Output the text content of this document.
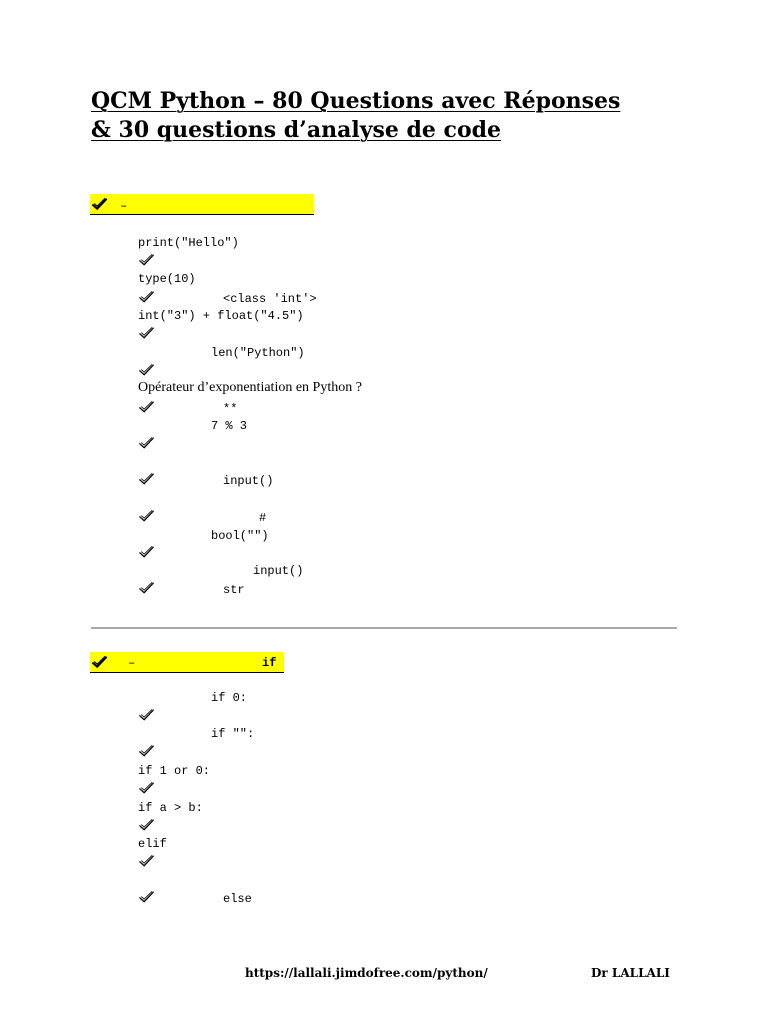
QCM Python – 80 Questions avec Réponses
& 30 questions d’analyse de code
–
print("Hello")
type(10)
<class 'int'>
int("3") + float("4.5")
len("Python")
Opérateur d’exponentiation en Python ?
**
7 % 3
input()
#
bool("")
input()
str
–	if
if 0:
if "":
if 1 or 0:
if a > b:
elif
else
https://lallali.jimdofree.com/python/	Dr LALLALI
